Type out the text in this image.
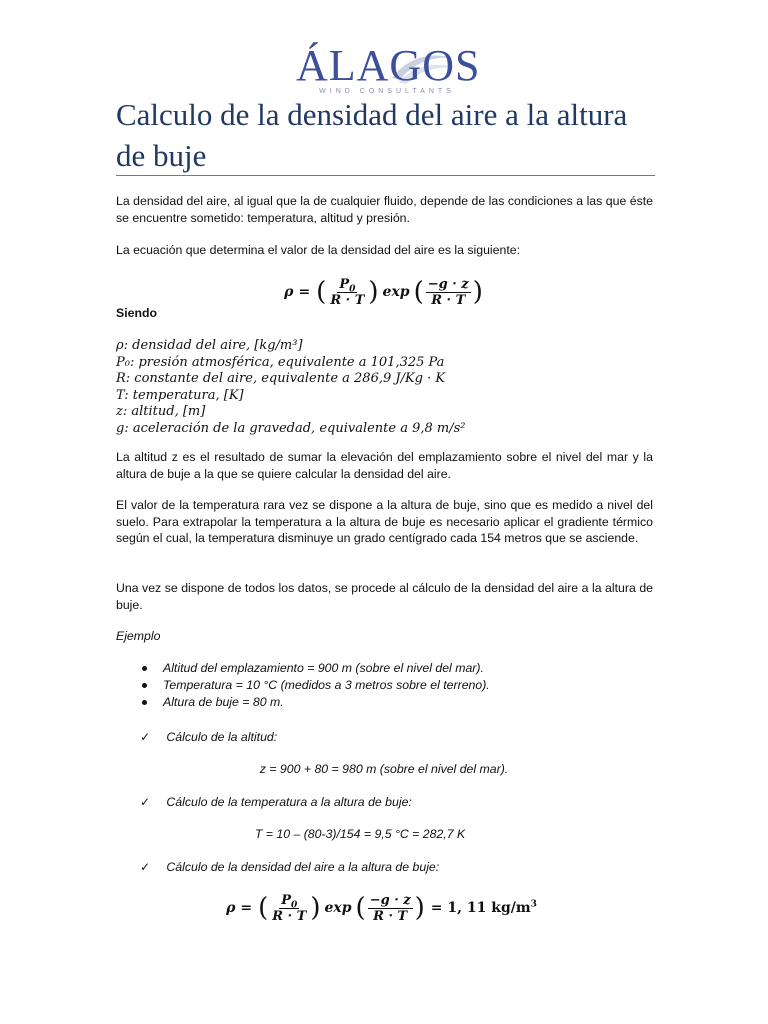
ÁLAGOS
WIND CONSULTANTS
Calculo de la densidad del aire a la altura de buje

La densidad del aire, al igual que la de cualquier fluido, depende de las condiciones a las que éste se encuentre sometido: temperatura, altitud y presión.

La ecuación que determina el valor de la densidad del aire es la siguiente:

ρ = ( $\frac{P_0}{R \cdot T}$ ) exp ( $\frac{-g \cdot z}{R \cdot T}$ )

Siendo

ρ: densidad del aire, [kg/m³]
P₀: presión atmosférica, equivalente a 101,325 Pa
R: constante del aire, equivalente a 286,9 J/Kg · K
T: temperatura, [K]
z: altitud, [m]
g: aceleración de la gravedad, equivalente a 9,8 m/s²

La altitud z es el resultado de sumar la elevación del emplazamiento sobre el nivel del mar y la altura de buje a la que se quiere calcular la densidad del aire.

El valor de la temperatura rara vez se dispone a la altura de buje, sino que es medido a nivel del suelo. Para extrapolar la temperatura a la altura de buje es necesario aplicar el gradiente térmico según el cual, la temperatura disminuye un grado centígrado cada 154 metros que se asciende.

Una vez se dispone de todos los datos, se procede al cálculo de la densidad del aire a la altura de buje.

Ejemplo

Altitud del emplazamiento = 900 m (sobre el nivel del mar).
Temperatura = 10 °C (medidos a 3 metros sobre el terreno).
Altura de buje = 80 m.
✓ Cálculo de la altitud:
z = 900 + 80 = 980 m (sobre el nivel del mar).
✓ Cálculo de la temperatura a la altura de buje:
T = 10 – (80-3)/154 = 9,5 °C = 282,7 K
✓ Cálculo de la densidad del aire a la altura de buje:
ρ = ( $\frac{P_0}{R \cdot T}$ ) exp ( $\frac{-g \cdot z}{R \cdot T}$ ) = 1, 11 $kg/m^3$
